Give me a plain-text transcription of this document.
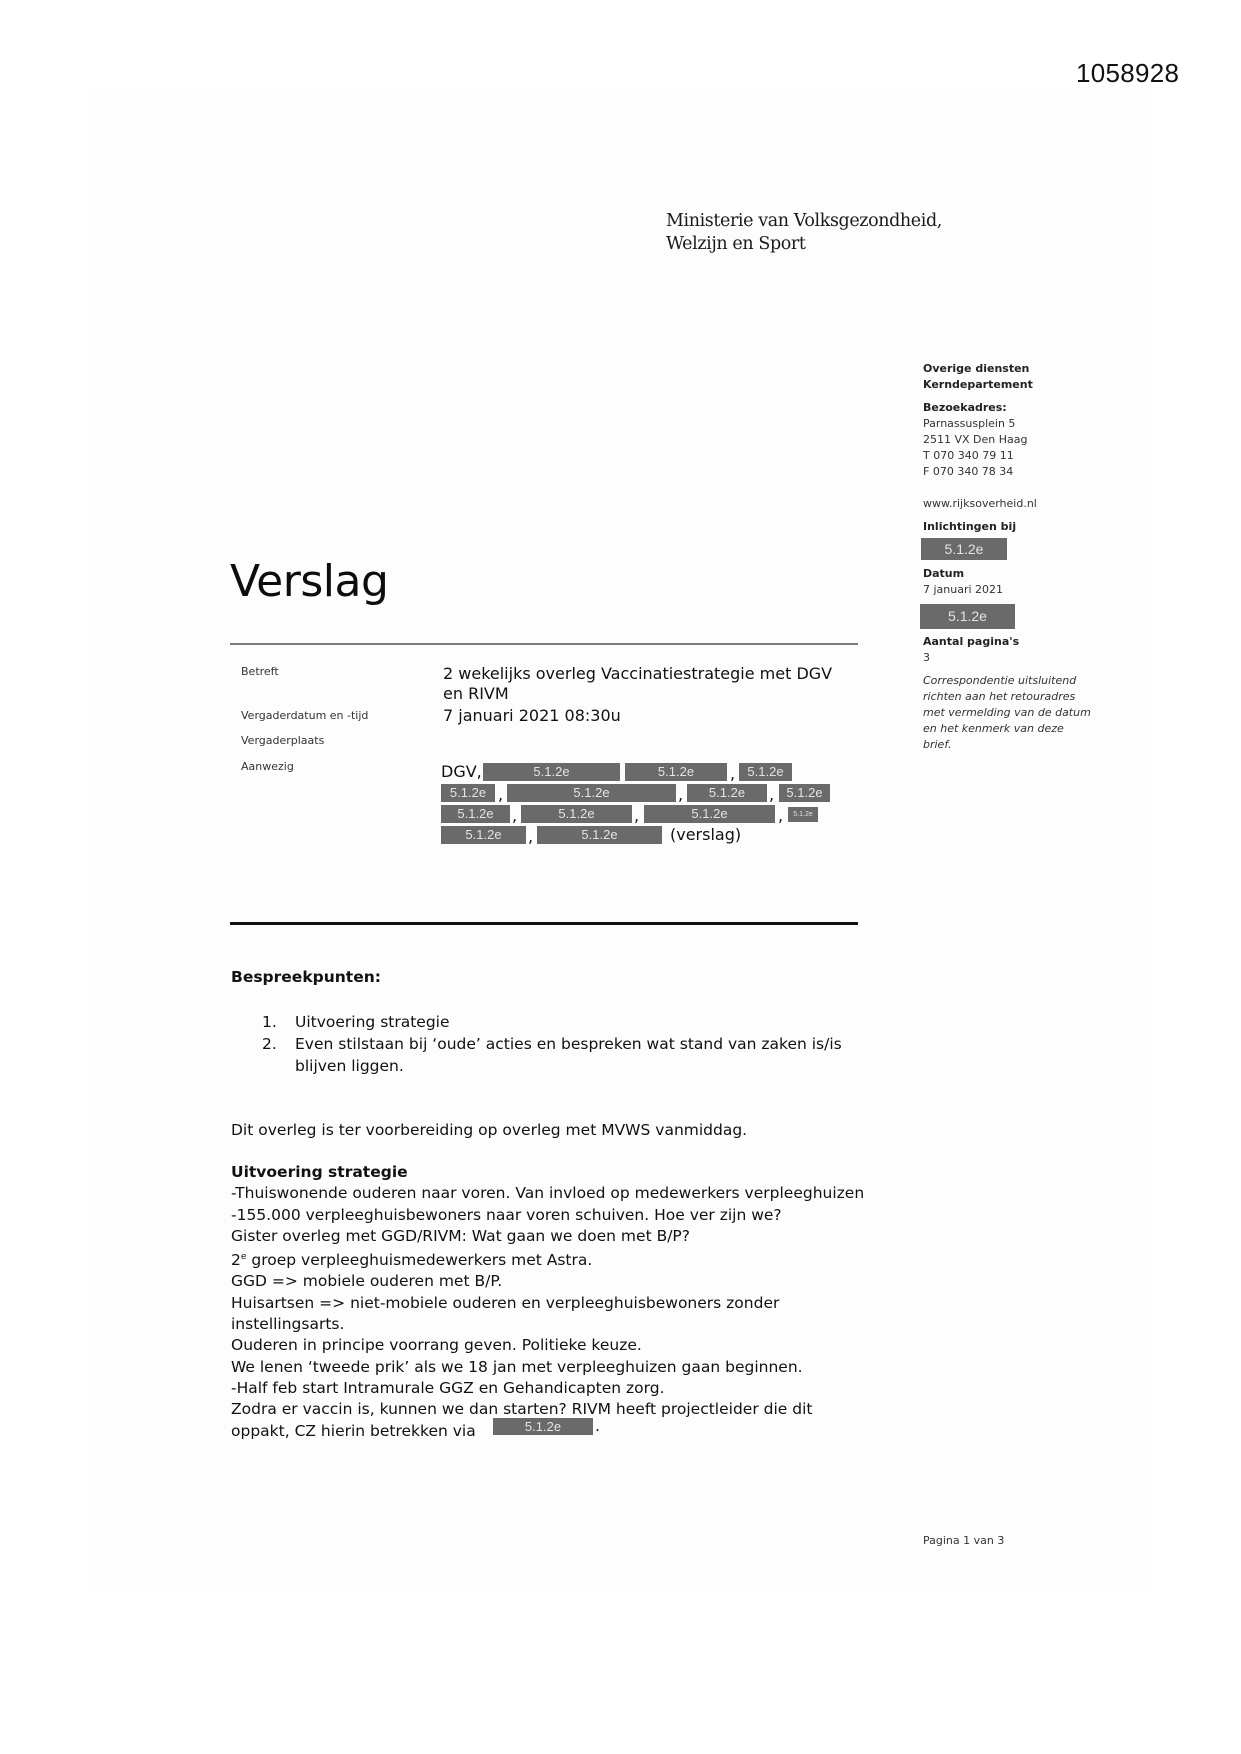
1058928
Ministerie van Volksgezondheid,
Welzijn en Sport
Overige diensten
Kerndepartement
Bezoekadres:
Parnassusplein 5
2511 VX Den Haag
T 070 340 79 11
F 070 340 78 34
www.rijksoverheid.nl
Inlichtingen bij
5.1.2e
Datum
7 januari 2021
5.1.2e
Aantal pagina's
3
Correspondentie uitsluitend
richten aan het retouradres
met vermelding van de datum
en het kenmerk van deze
brief.
Verslag
Betreft	2 wekelijks overleg Vaccinatiestrategie met DGV
en RIVM
Vergaderdatum en -tijd	7 januari 2021 08:30u
Vergaderplaats
Aanwezig	DGV,	5.1.2e	5.1.2e	, 5.1.2e
5.1.2e ,	5.1.2e	,	5.1.2e	, 5.1.2e
5.1.2e	,	5.1.2e	,	5.1.2e	,	5.1.2e
5.1.2e	,	5.1.2e	(verslag)
Bespreekpunten:
1. Uitvoering strategie
2. Even stilstaan bij ‘oude’ acties en bespreken wat stand van zaken is/is
blijven liggen.
Dit overleg is ter voorbereiding op overleg met MVWS vanmiddag.
Uitvoering strategie
-Thuiswonende ouderen naar voren. Van invloed op medewerkers verpleeghuizen
-155.000 verpleeghuisbewoners naar voren schuiven. Hoe ver zijn we?
Gister overleg met GGD/RIVM: Wat gaan we doen met B/P?
2e groep verpleeghuismedewerkers met Astra.
GGD => mobiele ouderen met B/P.
Huisartsen => niet-mobiele ouderen en verpleeghuisbewoners zonder
instellingsarts.
Ouderen in principe voorrang geven. Politieke keuze.
We lenen ‘tweede prik’ als we 18 jan met verpleeghuizen gaan beginnen.
-Half feb start Intramurale GGZ en Gehandicapten zorg.
Zodra er vaccin is, kunnen we dan starten? RIVM heeft projectleider die dit
oppakt, CZ hierin betrekken via	5.1.2e	.
Pagina 1 van 3
